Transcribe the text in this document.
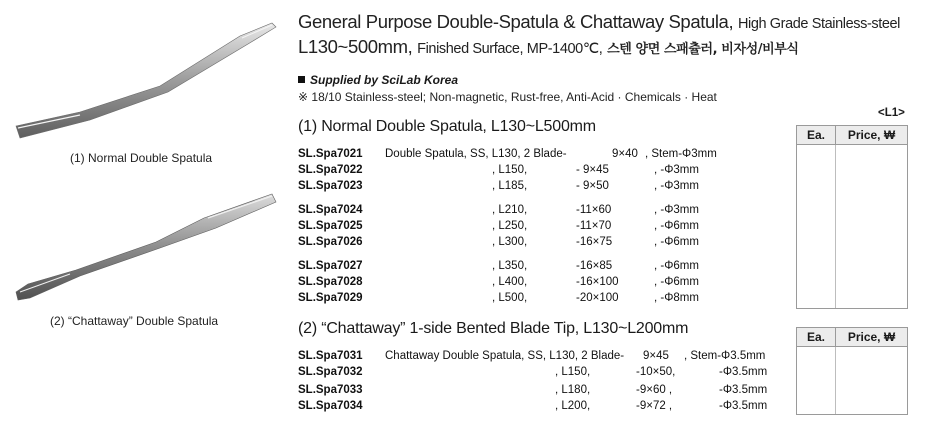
(1) Normal Double Spatula
(2) “Chattaway” Double Spatula
General Purpose Double-Spatula & Chattaway Spatula, High Grade Stainless-steel
L130~500mm, Finished Surface, MP-1400℃, 스텐 양면 스패츌러, 비자성/비부식
Supplied by SciLab Korea
※ 18/10 Stainless-steel; Non-magnetic, Rust-free, Anti-Acid · Chemicals · Heat
<L1>
(1) Normal Double Spatula, L130~L500mm	Ea.	Price, ₩
SL.Spa7021 Double Spatula, SS, L130, 2 Blade-	9×40 , Stem-Φ3mm
SL.Spa7022	, L150,	- 9×45	, -Φ3mm
SL.Spa7023	, L185,	- 9×50	, -Φ3mm
SL.Spa7024	, L210,	-11×60	, -Φ3mm
SL.Spa7025	, L250,	-11×70	, -Φ6mm
SL.Spa7026	, L300,	-16×75	, -Φ6mm
SL.Spa7027	, L350,	-16×85	, -Φ6mm
SL.Spa7028	, L400,	-16×100	, -Φ6mm
SL.Spa7029	, L500,	-20×100	, -Φ8mm
(2) “Chattaway” 1-side Bented Blade Tip, L130~L200mm	Ea.	Price, ₩
SL.Spa7031 Chattaway Double Spatula, SS, L130, 2 Blade- 9×45 , Stem-Φ3.5mm
SL.Spa7032	, L150,	-10×50,	-Φ3.5mm
SL.Spa7033	, L180,	-9×60 ,	-Φ3.5mm
SL.Spa7034	, L200,	-9×72 ,	-Φ3.5mm
